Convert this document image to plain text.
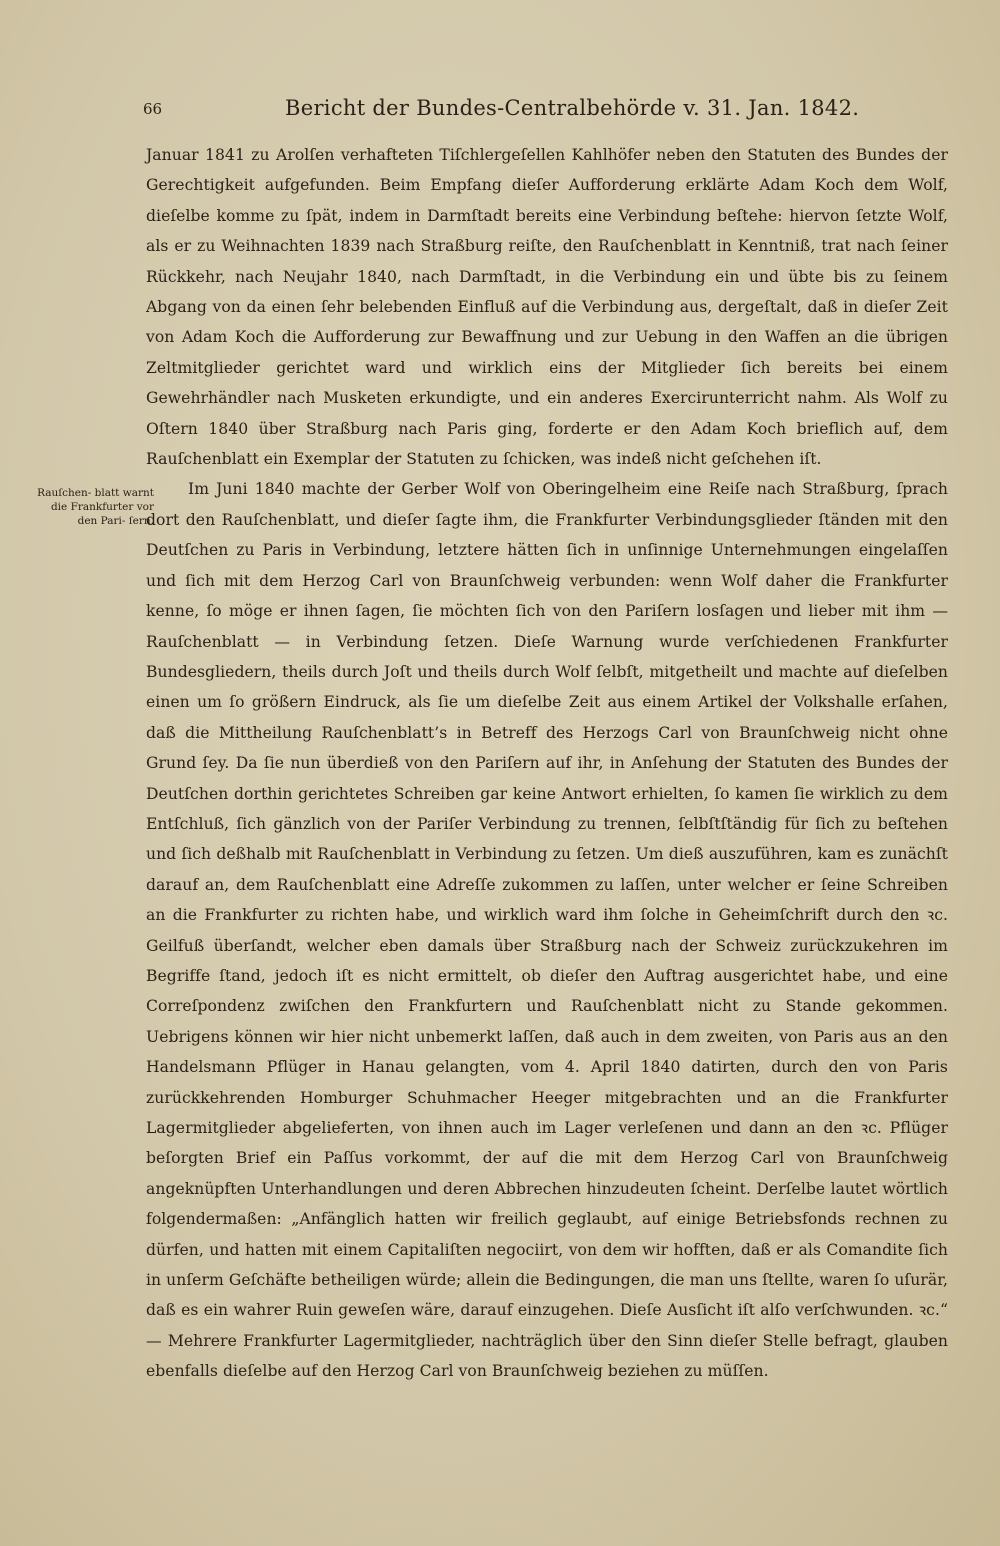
66	Bericht der Bundes-Centralbehörde v. 31. Jan. 1842.
Rauſchen- blatt warnt die Frankfurter vor den Pari- ſern.

Januar 1841 zu Arolſen verhafteten Tiſchlergeſellen Kahlhöfer neben den Statuten des Bundes der Gerechtigkeit aufgefunden. Beim Empfang dieſer Aufforderung erklärte Adam Koch dem Wolf, dieſelbe komme zu ſpät, indem in Darmſtadt bereits eine Verbindung beſtehe: hiervon ſetzte Wolf, als er zu Weihnachten 1839 nach Straßburg reiſte, den Rauſchenblatt in Kenntniß, trat nach ſeiner Rückkehr, nach Neujahr 1840, nach Darmſtadt, in die Verbindung ein und übte bis zu ſeinem Abgang von da einen ſehr belebenden Einfluß auf die Verbindung aus, dergeſtalt, daß in dieſer Zeit von Adam Koch die Aufforderung zur Bewaffnung und zur Uebung in den Waffen an die übrigen Zeltmitglieder gerichtet ward und wirklich eins der Mitglieder ſich bereits bei einem Gewehrhändler nach Musketen erkundigte, und ein anderes Exercirunterricht nahm. Als Wolf zu Oſtern 1840 über Straßburg nach Paris ging, forderte er den Adam Koch brieflich auf, dem Rauſchenblatt ein Exemplar der Statuten zu ſchicken, was indeß nicht geſchehen iſt.

Im Juni 1840 machte der Gerber Wolf von Oberingelheim eine Reiſe nach Straßburg, ſprach dort den Rauſchenblatt, und dieſer ſagte ihm, die Frankfurter Verbindungsglieder ſtänden mit den Deutſchen zu Paris in Verbindung, letztere hätten ſich in unſinnige Unternehmungen eingelaſſen und ſich mit dem Herzog Carl von Braunſchweig verbunden: wenn Wolf daher die Frankfurter kenne, ſo möge er ihnen ſagen, ſie möchten ſich von den Pariſern losſagen und lieber mit ihm — Rauſchenblatt — in Verbindung ſetzen. Dieſe Warnung wurde verſchiedenen Frankfurter Bundesgliedern, theils durch Joſt und theils durch Wolf ſelbſt, mitgetheilt und machte auf dieſelben einen um ſo größern Eindruck, als ſie um dieſelbe Zeit aus einem Artikel der Volkshalle erſahen, daß die Mittheilung Rauſchenblatt’s in Betreff des Herzogs Carl von Braunſchweig nicht ohne Grund ſey. Da ſie nun überdieß von den Pariſern auf ihr, in Anſehung der Statuten des Bundes der Deutſchen dorthin gerichtetes Schreiben gar keine Antwort erhielten, ſo kamen ſie wirklich zu dem Entſchluß, ſich gänzlich von der Pariſer Verbindung zu trennen, ſelbſtſtändig für ſich zu beſtehen und ſich deßhalb mit Rauſchenblatt in Verbindung zu ſetzen. Um dieß auszuführen, kam es zunächſt darauf an, dem Rauſchenblatt eine Adreſſe zukommen zu laſſen, unter welcher er ſeine Schreiben an die Frankfurter zu richten habe, und wirklich ward ihm ſolche in Geheimſchrift durch den ꝛc. Geilfuß überſandt, welcher eben damals über Straßburg nach der Schweiz zurückzukehren im Begriffe ſtand, jedoch iſt es nicht ermittelt, ob dieſer den Auftrag ausgerichtet habe, und eine Correſpondenz zwiſchen den Frankfurtern und Rauſchenblatt nicht zu Stande gekommen. Uebrigens können wir hier nicht unbemerkt laſſen, daß auch in dem zweiten, von Paris aus an den Handelsmann Pflüger in Hanau gelangten, vom 4. April 1840 datirten, durch den von Paris zurückkehrenden Homburger Schuhmacher Heeger mitgebrachten und an die Frankfurter Lagermitglieder abgelieferten, von ihnen auch im Lager verleſenen und dann an den ꝛc. Pflüger beſorgten Brief ein Paſſus vorkommt, der auf die mit dem Herzog Carl von Braunſchweig angeknüpften Unterhandlungen und deren Abbrechen hinzudeuten ſcheint. Derſelbe lautet wörtlich folgendermaßen: „Anfänglich hatten wir freilich geglaubt, auf einige Betriebsfonds rechnen zu dürfen, und hatten mit einem Capitaliſten negociirt, von dem wir hofften, daß er als Comandite ſich in unſerm Geſchäfte betheiligen würde; allein die Bedingungen, die man uns ſtellte, waren ſo uſurär, daß es ein wahrer Ruin geweſen wäre, darauf einzugehen. Dieſe Ausſicht iſt alſo verſchwunden. ꝛc.“ — Mehrere Frankfurter Lagermitglieder, nachträglich über den Sinn dieſer Stelle befragt, glauben ebenfalls dieſelbe auf den Herzog Carl von Braunſchweig beziehen zu müſſen.
